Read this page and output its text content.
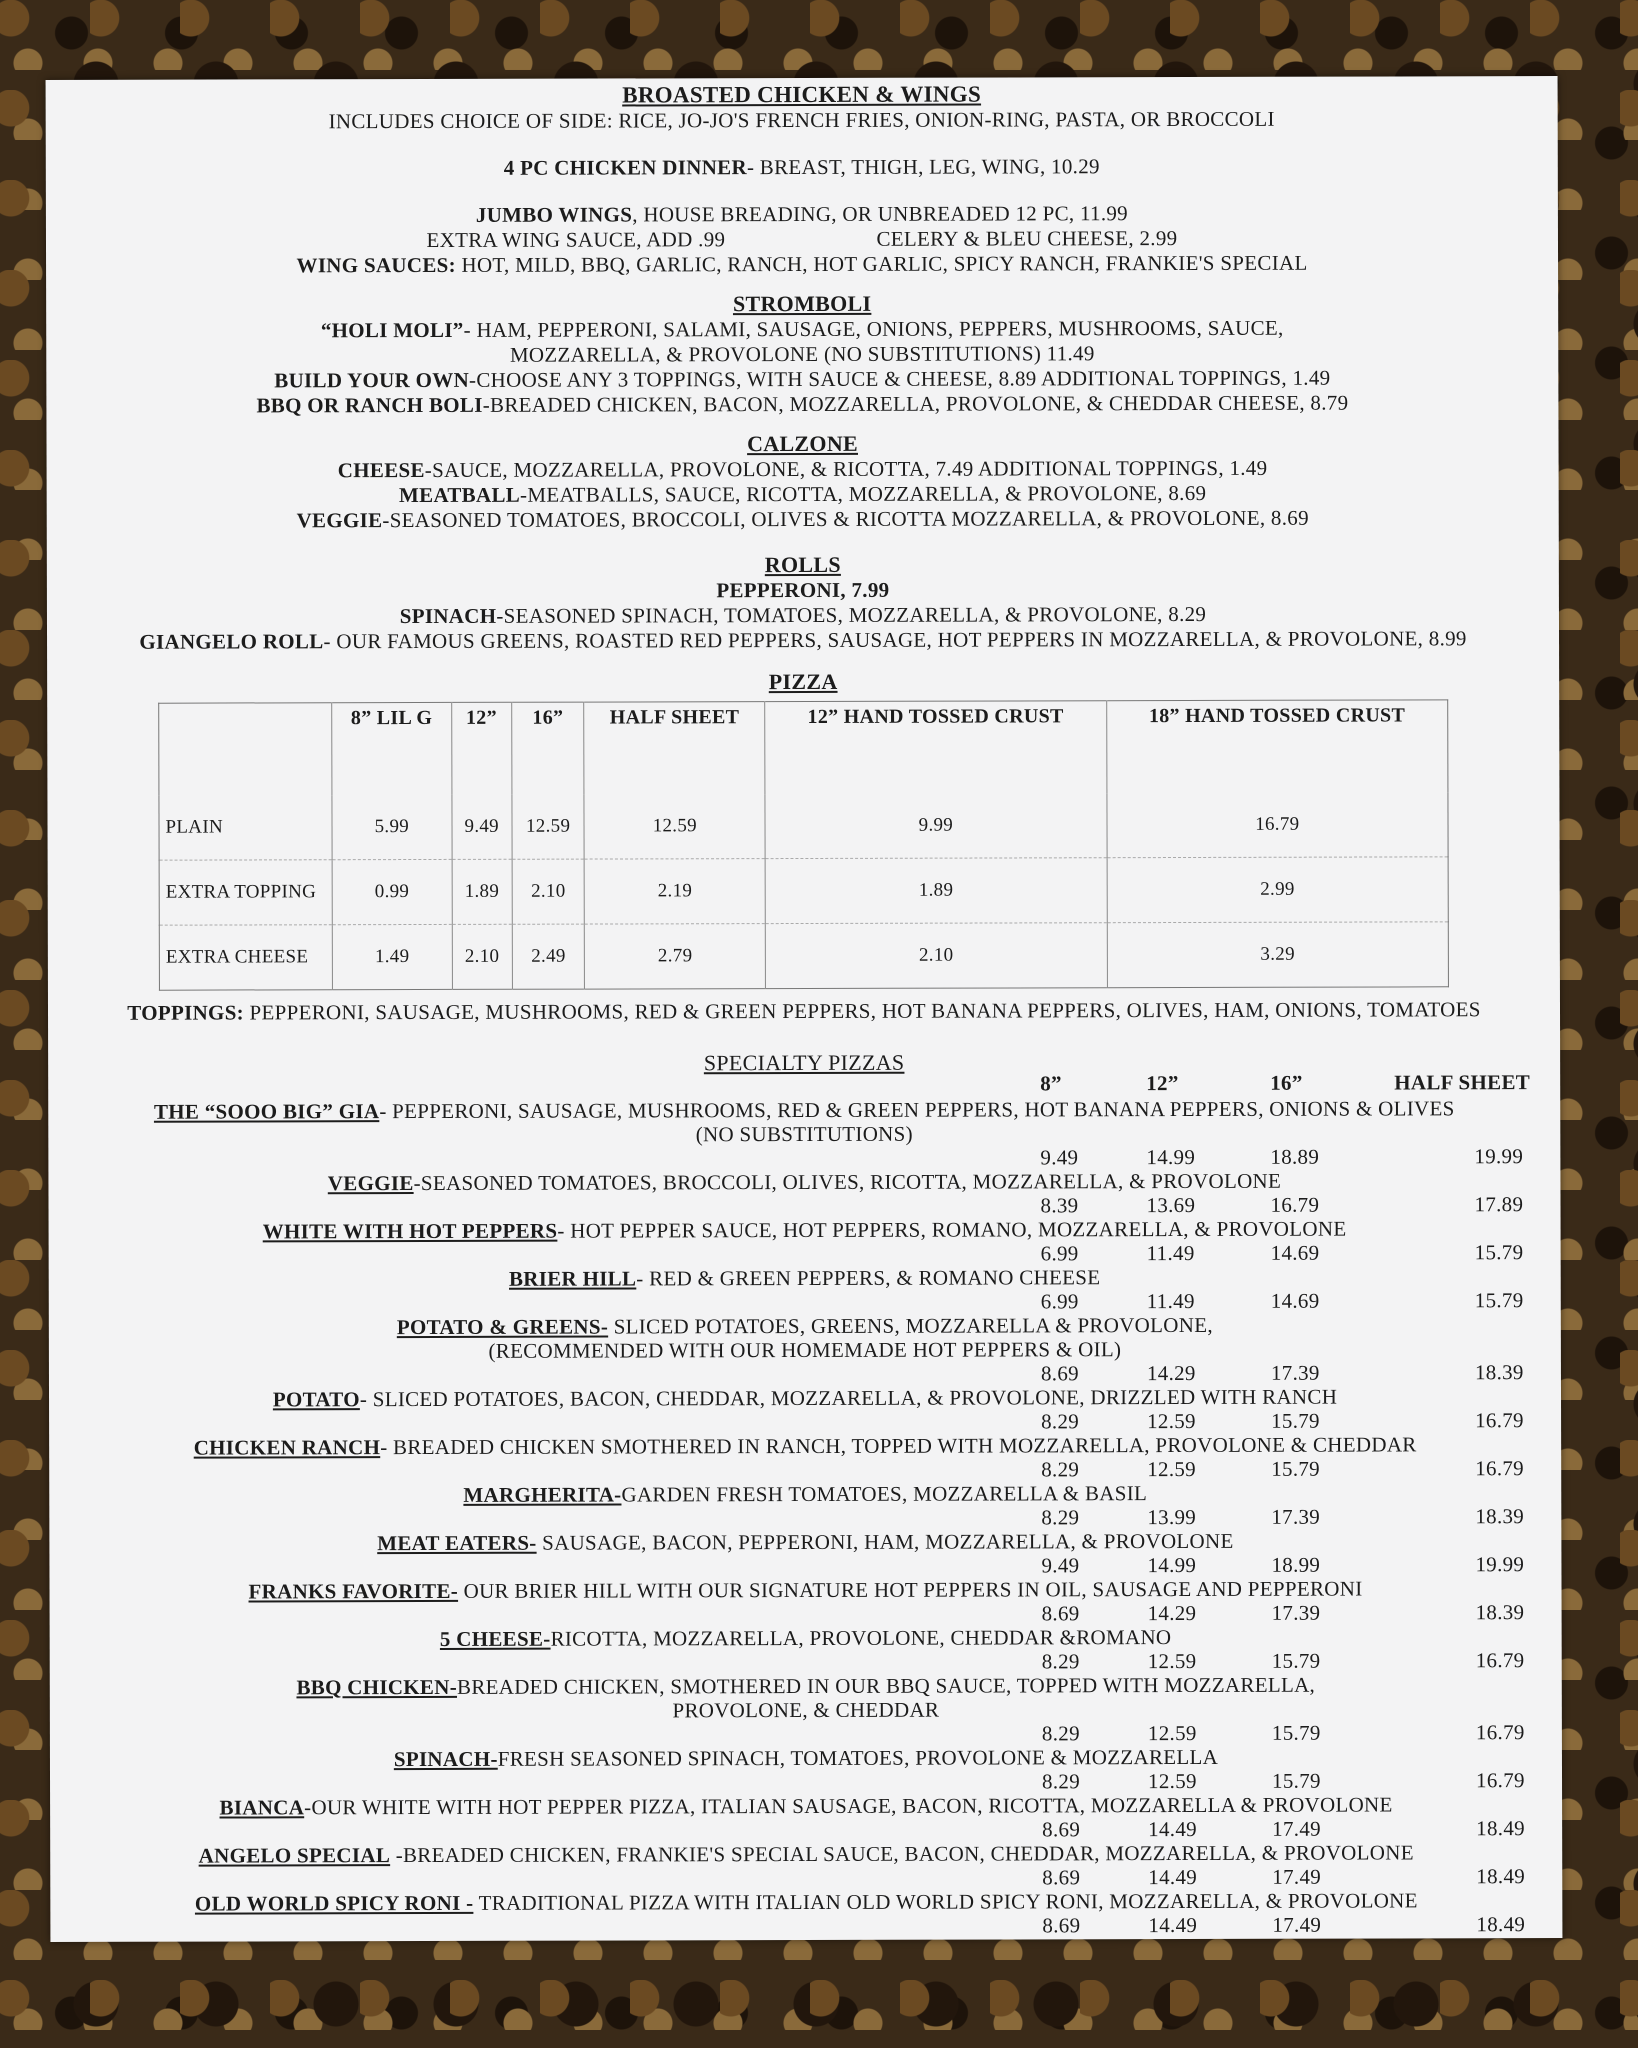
BROASTED CHICKEN & WINGS
INCLUDES CHOICE OF SIDE: RICE, JO-JO'S FRENCH FRIES, ONION-RING, PASTA, OR BROCCOLI
4 PC CHICKEN DINNER- BREAST, THIGH, LEG, WING, 10.29
JUMBO WINGS, HOUSE BREADING, OR UNBREADED 12 PC, 11.99
EXTRA WING SAUCE, ADD .99	CELERY & BLEU CHEESE, 2.99
WING SAUCES: HOT, MILD, BBQ, GARLIC, RANCH, HOT GARLIC, SPICY RANCH, FRANKIE'S SPECIAL
STROMBOLI
“HOLI MOLI”- HAM, PEPPERONI, SALAMI, SAUSAGE, ONIONS, PEPPERS, MUSHROOMS, SAUCE,
MOZZARELLA, & PROVOLONE (NO SUBSTITUTIONS) 11.49
BUILD YOUR OWN-CHOOSE ANY 3 TOPPINGS, WITH SAUCE & CHEESE, 8.89 ADDITIONAL TOPPINGS, 1.49
BBQ OR RANCH BOLI-BREADED CHICKEN, BACON, MOZZARELLA, PROVOLONE, & CHEDDAR CHEESE, 8.79
CALZONE
CHEESE-SAUCE, MOZZARELLA, PROVOLONE, & RICOTTA, 7.49 ADDITIONAL TOPPINGS, 1.49
MEATBALL-MEATBALLS, SAUCE, RICOTTA, MOZZARELLA, & PROVOLONE, 8.69
VEGGIE-SEASONED TOMATOES, BROCCOLI, OLIVES & RICOTTA MOZZARELLA, & PROVOLONE, 8.69
ROLLS
PEPPERONI, 7.99
SPINACH-SEASONED SPINACH, TOMATOES, MOZZARELLA, & PROVOLONE, 8.29
GIANGELO ROLL- OUR FAMOUS GREENS, ROASTED RED PEPPERS, SAUSAGE, HOT PEPPERS IN MOZZARELLA, & PROVOLONE, 8.99
PIZZA
	8” LIL G	12”	16”	HALF SHEET	12” HAND TOSSED CRUST	18” HAND TOSSED CRUST
PLAIN	5.99	9.49	12.59	12.59	9.99	16.79
EXTRA TOPPING	0.99	1.89	2.10	2.19	1.89	2.99
EXTRA CHEESE	1.49	2.10	2.49	2.79	2.10	3.29
TOPPINGS: PEPPERONI, SAUSAGE, MUSHROOMS, RED & GREEN PEPPERS, HOT BANANA PEPPERS, OLIVES, HAM, ONIONS, TOMATOES
SPECIALTY PIZZAS
8”	12”	16”	HALF SHEET
THE “SOOO BIG” GIA- PEPPERONI, SAUSAGE, MUSHROOMS, RED & GREEN PEPPERS, HOT BANANA PEPPERS, ONIONS & OLIVES
(NO SUBSTITUTIONS)
9.49	14.99	18.89	19.99
VEGGIE-SEASONED TOMATOES, BROCCOLI, OLIVES, RICOTTA, MOZZARELLA, & PROVOLONE
8.39	13.69	16.79	17.89
WHITE WITH HOT PEPPERS- HOT PEPPER SAUCE, HOT PEPPERS, ROMANO, MOZZARELLA, & PROVOLONE
6.99	11.49	14.69	15.79
BRIER HILL- RED & GREEN PEPPERS, & ROMANO CHEESE
6.99	11.49	14.69	15.79
POTATO & GREENS- SLICED POTATOES, GREENS, MOZZARELLA & PROVOLONE,
(RECOMMENDED WITH OUR HOMEMADE HOT PEPPERS & OIL)
8.69	14.29	17.39	18.39
POTATO- SLICED POTATOES, BACON, CHEDDAR, MOZZARELLA, & PROVOLONE, DRIZZLED WITH RANCH
8.29	12.59	15.79	16.79
CHICKEN RANCH- BREADED CHICKEN SMOTHERED IN RANCH, TOPPED WITH MOZZARELLA, PROVOLONE & CHEDDAR
8.29	12.59	15.79	16.79
MARGHERITA-GARDEN FRESH TOMATOES, MOZZARELLA & BASIL
8.29	13.99	17.39	18.39
MEAT EATERS- SAUSAGE, BACON, PEPPERONI, HAM, MOZZARELLA, & PROVOLONE
9.49	14.99	18.99	19.99
FRANKS FAVORITE- OUR BRIER HILL WITH OUR SIGNATURE HOT PEPPERS IN OIL, SAUSAGE AND PEPPERONI
8.69	14.29	17.39	18.39
5 CHEESE-RICOTTA, MOZZARELLA, PROVOLONE, CHEDDAR &ROMANO
8.29	12.59	15.79	16.79
BBQ CHICKEN-BREADED CHICKEN, SMOTHERED IN OUR BBQ SAUCE, TOPPED WITH MOZZARELLA,
PROVOLONE, & CHEDDAR
8.29	12.59	15.79	16.79
SPINACH-FRESH SEASONED SPINACH, TOMATOES, PROVOLONE & MOZZARELLA
8.29	12.59	15.79	16.79
BIANCA-OUR WHITE WITH HOT PEPPER PIZZA, ITALIAN SAUSAGE, BACON, RICOTTA, MOZZARELLA & PROVOLONE
8.69	14.49	17.49	18.49
ANGELO SPECIAL -BREADED CHICKEN, FRANKIE'S SPECIAL SAUCE, BACON, CHEDDAR, MOZZARELLA, & PROVOLONE
8.69	14.49	17.49	18.49
OLD WORLD SPICY RONI - TRADITIONAL PIZZA WITH ITALIAN OLD WORLD SPICY RONI, MOZZARELLA, & PROVOLONE
8.69	14.49	17.49	18.49
